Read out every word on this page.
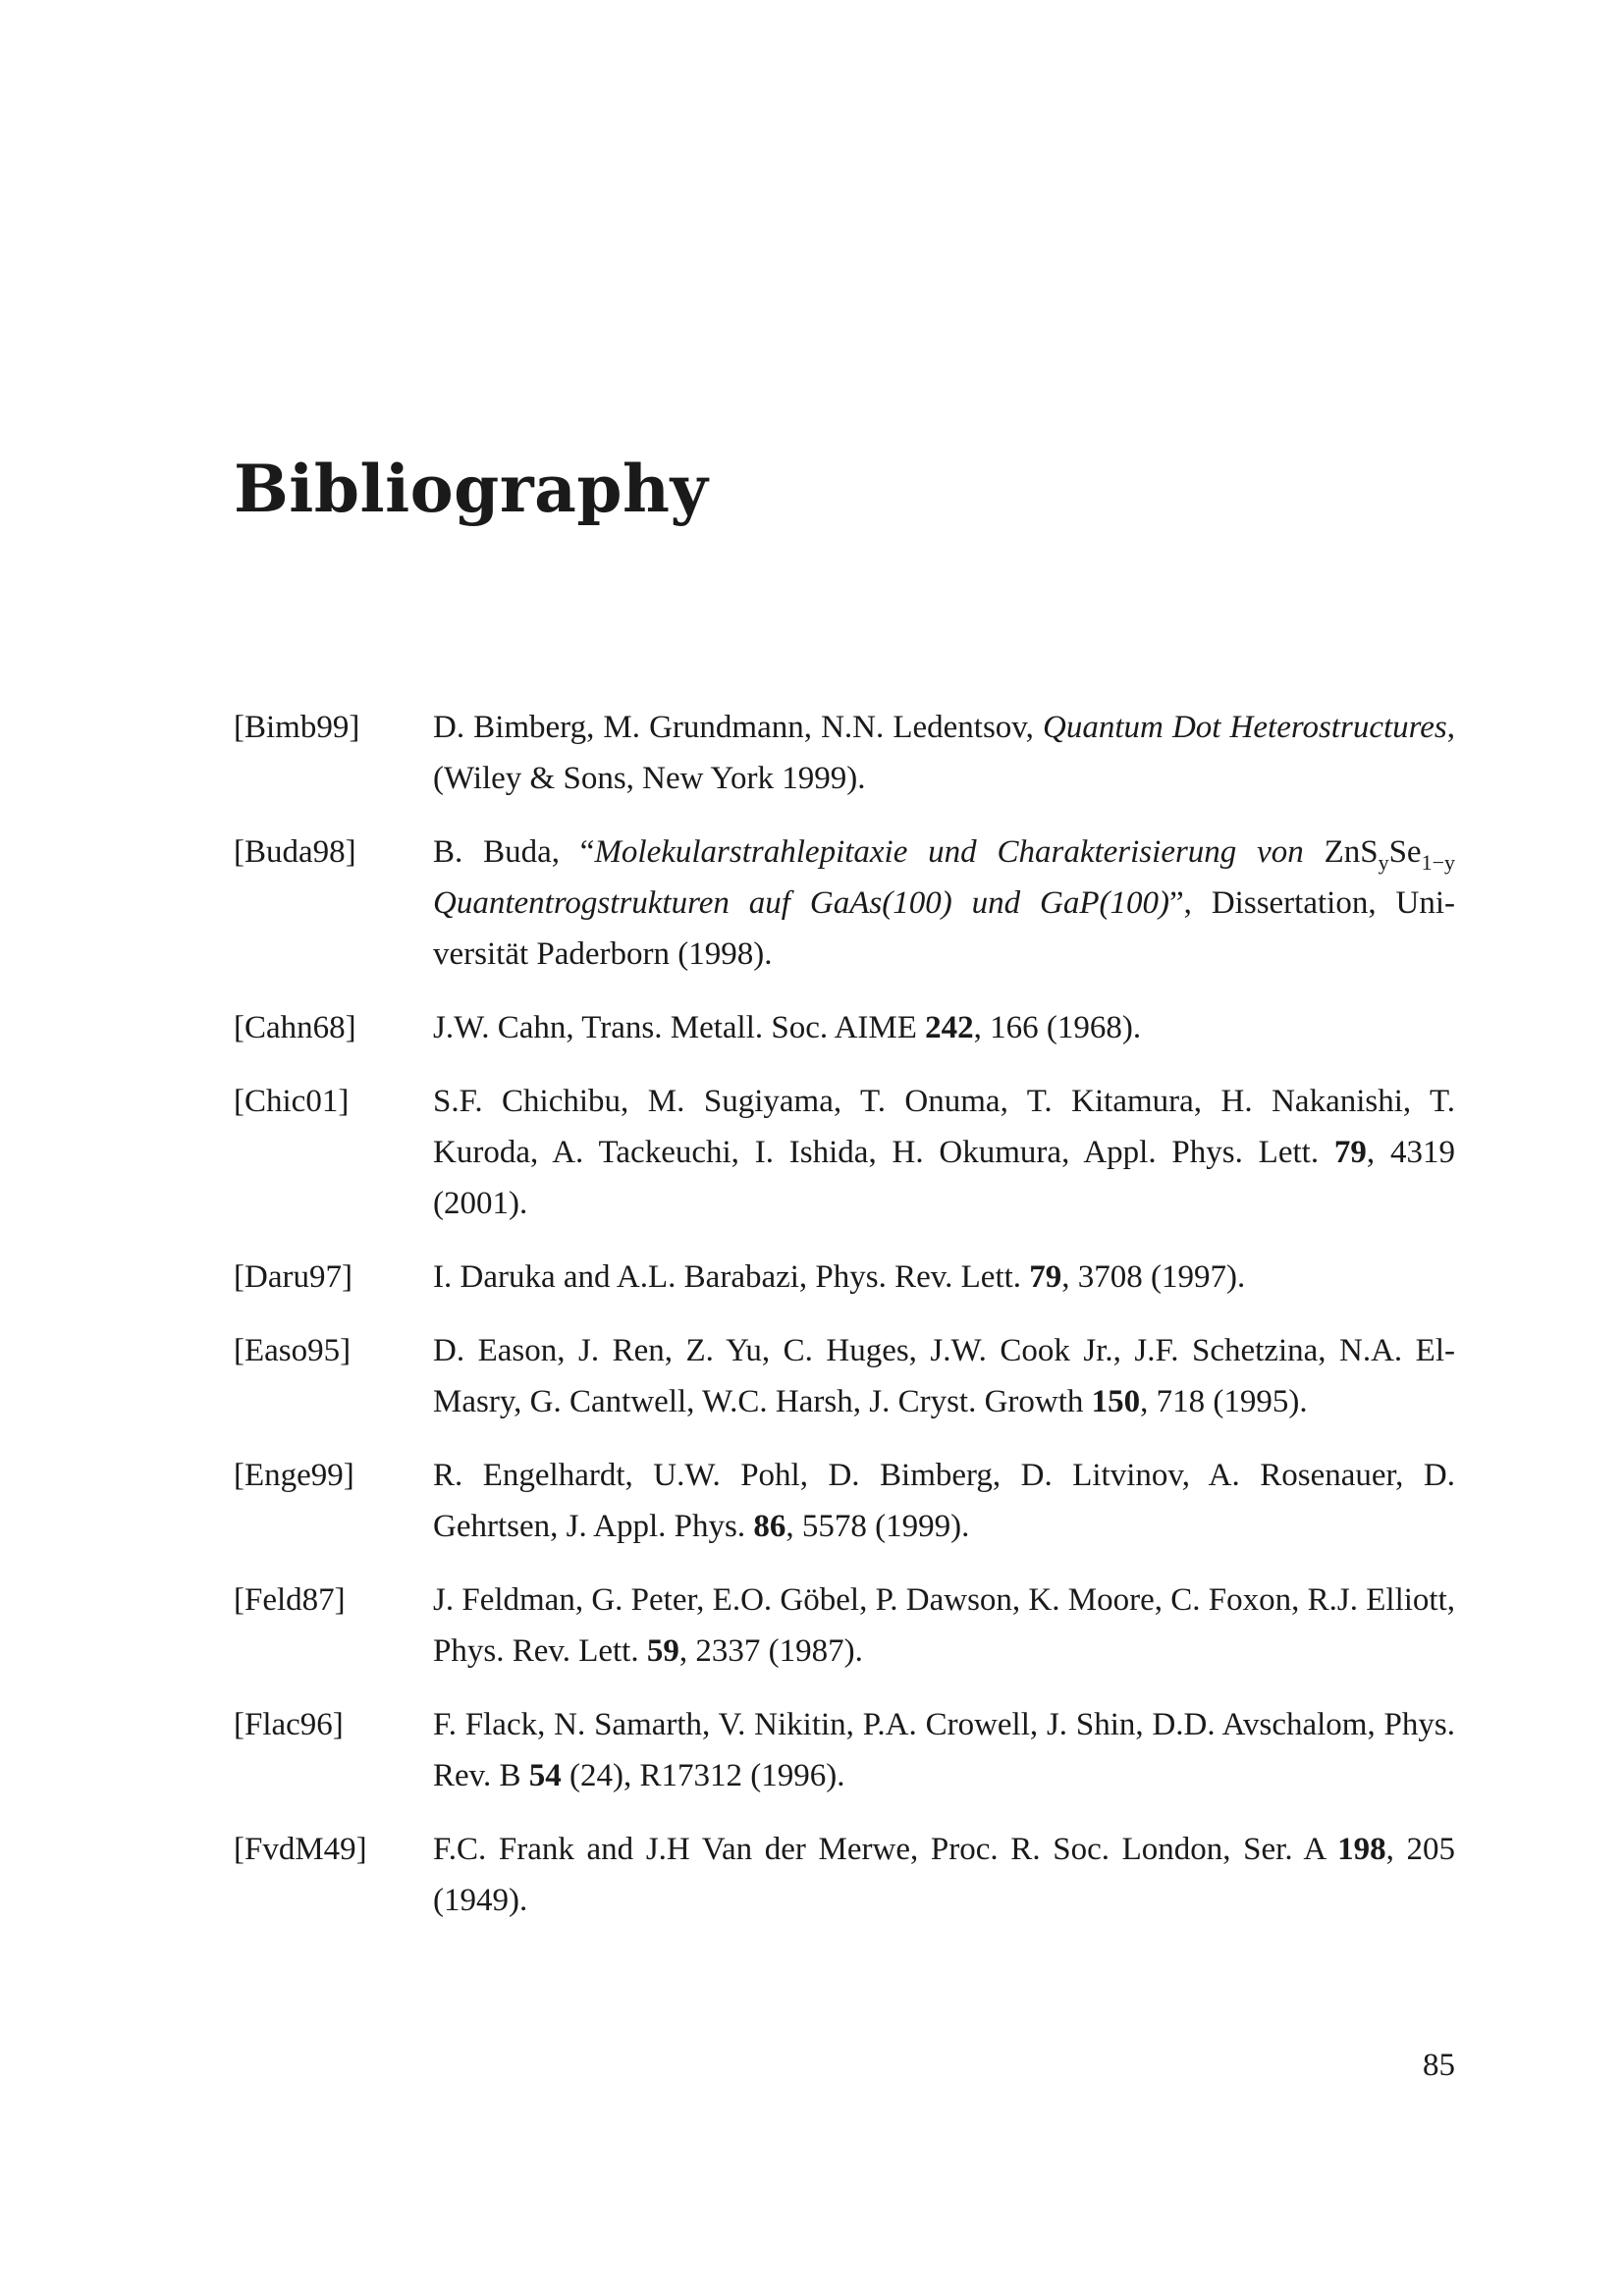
Bibliography
[Bimb99]	D. Bimberg, M. Grundmann, N.N. Ledentsov, Quantum Dot Heterostructures, (Wiley & Sons, New York 1999).
[Buda98]	B. Buda, “Molekularstrahlepitaxie und Charakterisierung von $ZnS_ySe_{1-y}$ Quantentrogstrukturen auf GaAs(100) und GaP(100)”, Dissertation, Universität Paderborn (1998).
[Cahn68]	J.W. Cahn, Trans. Metall. Soc. AIME 242, 166 (1968).
[Chic01]	S.F. Chichibu, M. Sugiyama, T. Onuma, T. Kitamura, H. Nakanishi, T. Kuroda, A. Tackeuchi, I. Ishida, H. Okumura, Appl. Phys. Lett. 79, 4319 (2001).
[Daru97]	I. Daruka and A.L. Barabazi, Phys. Rev. Lett. 79, 3708 (1997).
[Easo95]	D. Eason, J. Ren, Z. Yu, C. Huges, J.W. Cook Jr., J.F. Schetzina, N.A. El-Masry, G. Cantwell, W.C. Harsh, J. Cryst. Growth 150, 718 (1995).
[Enge99]	R. Engelhardt, U.W. Pohl, D. Bimberg, D. Litvinov, A. Rosenauer, D. Gehrtsen, J. Appl. Phys. 86, 5578 (1999).
[Feld87]	J. Feldman, G. Peter, E.O. Göbel, P. Dawson, K. Moore, C. Foxon, R.J. Elliott, Phys. Rev. Lett. 59, 2337 (1987).
[Flac96]	F. Flack, N. Samarth, V. Nikitin, P.A. Crowell, J. Shin, D.D. Avschalom, Phys. Rev. B 54 (24), R17312 (1996).
[FvdM49]	F.C. Frank and J.H Van der Merwe, Proc. R. Soc. London, Ser. A 198, 205 (1949).
85
